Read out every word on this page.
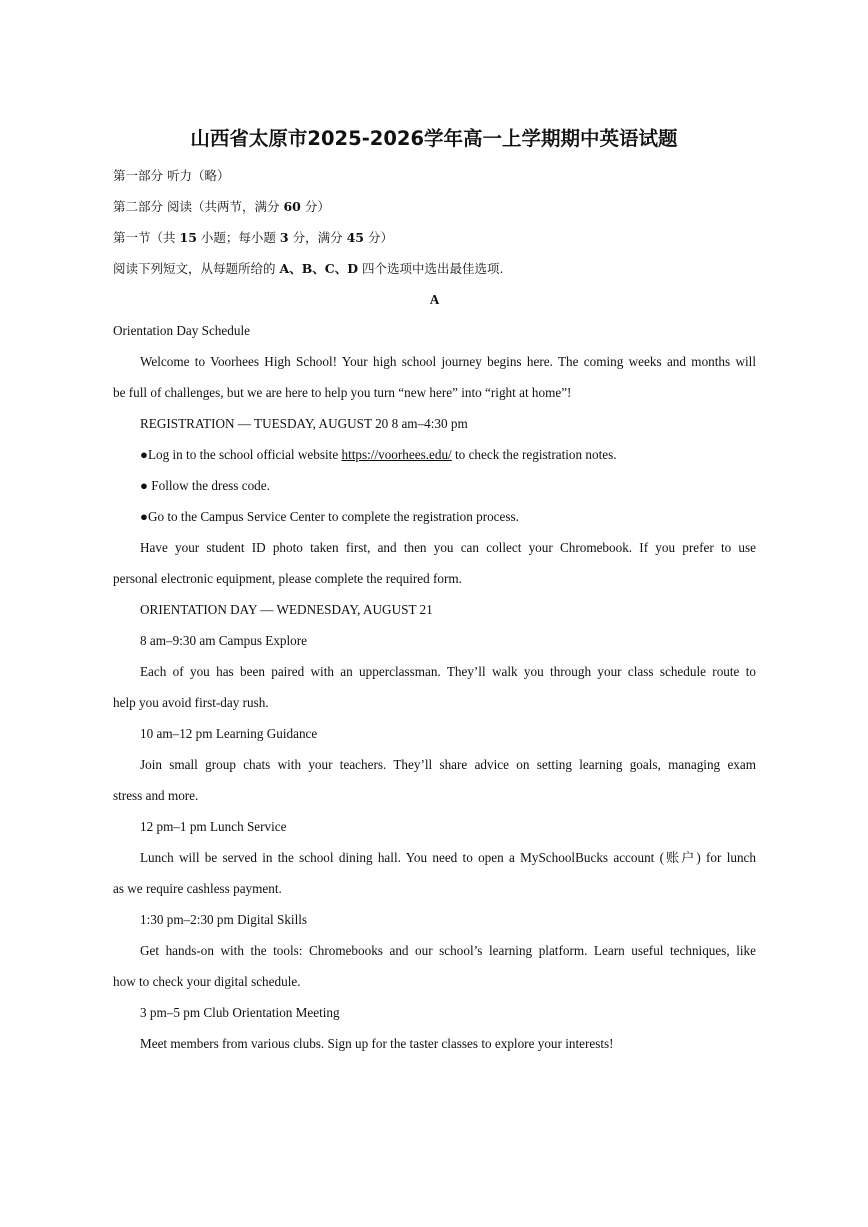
山西省太原市2025-2026学年高一上学期期中英语试题
第一部分 听力（略）
第二部分 阅读（共两节，满分 60 分）
第一节（共 15 小题；每小题 3 分，满分 45 分）
阅读下列短文，从每题所给的 A、B、C、D 四个选项中选出最佳选项.
A
Orientation Day Schedule
Welcome to Voorhees High School! Your high school journey begins here. The coming weeks and months will
be full of challenges, but we are here to help you turn “new here” into “right at home”!
REGISTRATION — TUESDAY, AUGUST 20 8 am–4:30 pm
●Log in to the school official website https://voorhees.edu/ to check the registration notes.
● Follow the dress code.
●Go to the Campus Service Center to complete the registration process.
Have your student ID photo taken first, and then you can collect your Chromebook. If you prefer to use
personal electronic equipment, please complete the required form.
ORIENTATION DAY — WEDNESDAY, AUGUST 21
8 am–9:30 am Campus Explore
Each of you has been paired with an upperclassman. They’ll walk you through your class schedule route to
help you avoid first-day rush.
10 am–12 pm Learning Guidance
Join small group chats with your teachers. They’ll share advice on setting learning goals, managing exam
stress and more.
12 pm–1 pm Lunch Service
Lunch will be served in the school dining hall. You need to open a MySchoolBucks account (账户) for lunch
as we require cashless payment.
1:30 pm–2:30 pm Digital Skills
Get hands-on with the tools: Chromebooks and our school’s learning platform. Learn useful techniques, like
how to check your digital schedule.
3 pm–5 pm Club Orientation Meeting
Meet members from various clubs. Sign up for the taster classes to explore your interests!
